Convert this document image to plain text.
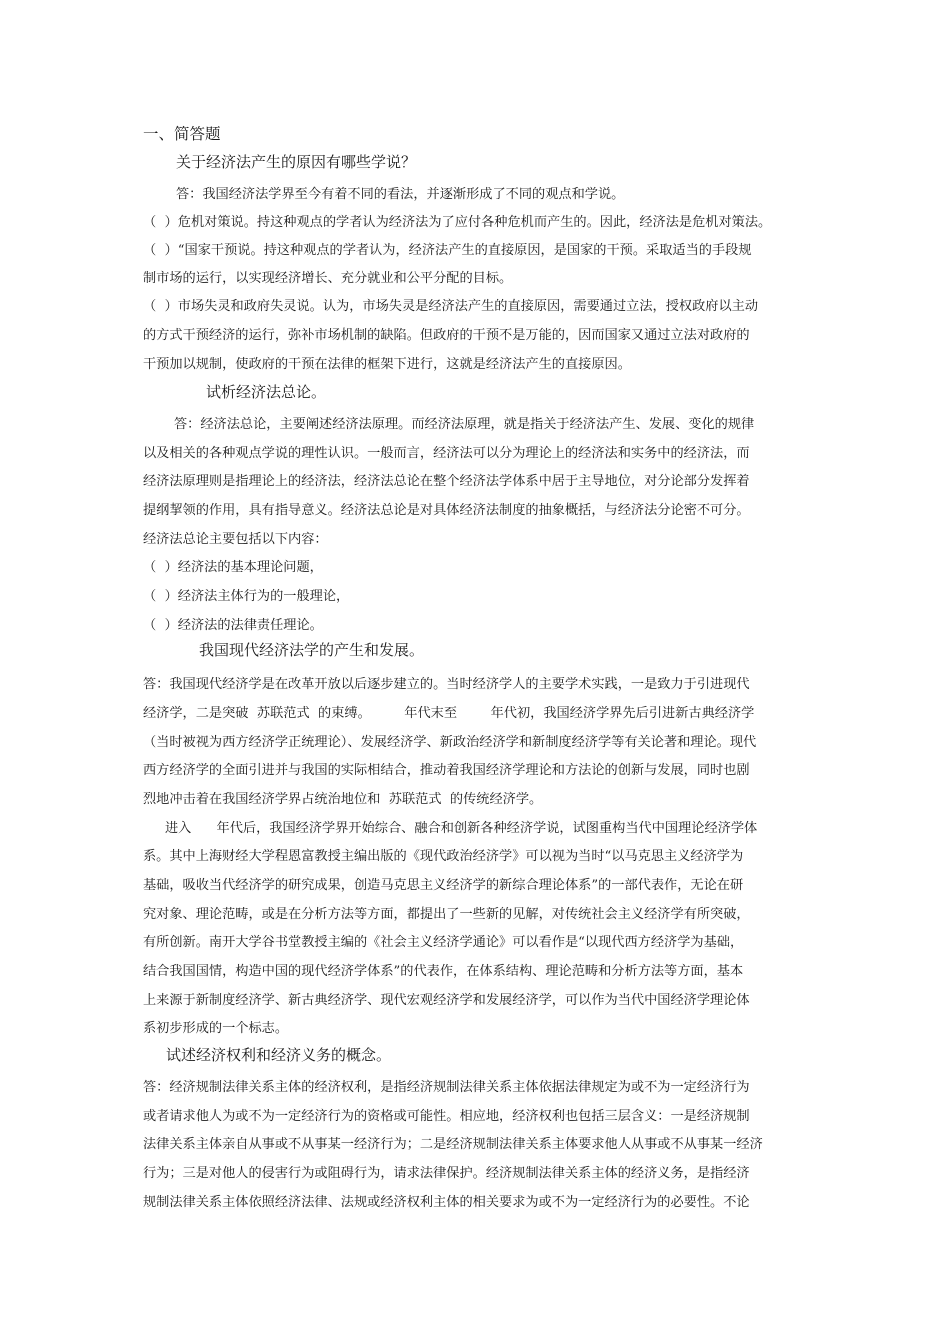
一、简答题
关于经济法产生的原因有哪些学说？
答：我国经济法学界至今有着不同的看法，并逐渐形成了不同的观点和学说。
（  ）危机对策说。持这种观点的学者认为经济法为了应付各种危机而产生的。因此，经济法是危机对策法。
（  ）“国家干预说。持这种观点的学者认为，经济法产生的直接原因，是国家的干预。采取适当的手段规
制市场的运行，以实现经济增长、充分就业和公平分配的目标。
（  ）市场失灵和政府失灵说。认为，市场失灵是经济法产生的直接原因，需要通过立法，授权政府以主动
的方式干预经济的运行，弥补市场机制的缺陷。但政府的干预不是万能的，因而国家又通过立法对政府的
干预加以规制，使政府的干预在法律的框架下进行，这就是经济法产生的直接原因。
试析经济法总论。
答：经济法总论，主要阐述经济法原理。而经济法原理，就是指关于经济法产生、发展、变化的规律
以及相关的各种观点学说的理性认识。一般而言，经济法可以分为理论上的经济法和实务中的经济法，而
经济法原理则是指理论上的经济法，经济法总论在整个经济法学体系中居于主导地位，对分论部分发挥着
提纲挈领的作用，具有指导意义。经济法总论是对具体经济法制度的抽象概括，与经济法分论密不可分。
经济法总论主要包括以下内容：
（  ）经济法的基本理论问题，
（  ）经济法主体行为的一般理论，
（  ）经济法的法律责任理论。
我国现代经济法学的产生和发展。
答：我国现代经济学是在改革开放以后逐步建立的。当时经济学人的主要学术实践，一是致力于引进现代
经济学，二是突破  苏联范式  的束缚。        年代末至        年代初，我国经济学界先后引进新古典经济学
（当时被视为西方经济学正统理论）、发展经济学、新政治经济学和新制度经济学等有关论著和理论。现代
西方经济学的全面引进并与我国的实际相结合，推动着我国经济学理论和方法论的创新与发展，同时也剧
烈地冲击着在我国经济学界占统治地位和  苏联范式  的传统经济学。
进入      年代后，我国经济学界开始综合、融合和创新各种经济学说，试图重构当代中国理论经济学体
系。其中上海财经大学程恩富教授主编出版的《现代政治经济学》可以视为当时“以马克思主义经济学为
基础，吸收当代经济学的研究成果，创造马克思主义经济学的新综合理论体系”的一部代表作，无论在研
究对象、理论范畴，或是在分析方法等方面，都提出了一些新的见解，对传统社会主义经济学有所突破，
有所创新。南开大学谷书堂教授主编的《社会主义经济学通论》可以看作是“以现代西方经济学为基础，
结合我国国情，构造中国的现代经济学体系”的代表作，在体系结构、理论范畴和分析方法等方面，基本
上来源于新制度经济学、新古典经济学、现代宏观经济学和发展经济学，可以作为当代中国经济学理论体
系初步形成的一个标志。
试述经济权利和经济义务的概念。
答：经济规制法律关系主体的经济权利，是指经济规制法律关系主体依据法律规定为或不为一定经济行为
或者请求他人为或不为一定经济行为的资格或可能性。相应地，经济权利也包括三层含义：一是经济规制
法律关系主体亲自从事或不从事某一经济行为；二是经济规制法律关系主体要求他人从事或不从事某一经济
行为；三是对他人的侵害行为或阻碍行为，请求法律保护。经济规制法律关系主体的经济义务，是指经济
规制法律关系主体依照经济法律、法规或经济权利主体的相关要求为或不为一定经济行为的必要性。不论
